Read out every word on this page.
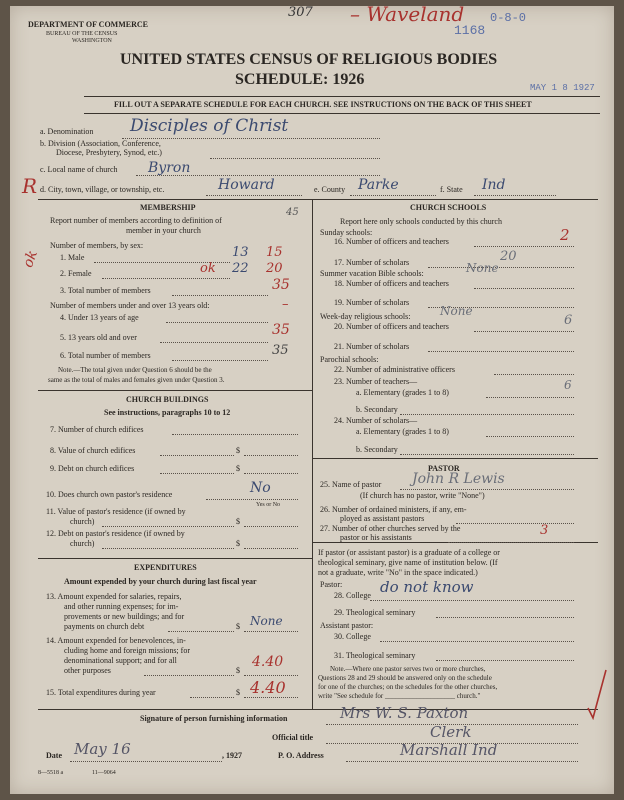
DEPARTMENT OF COMMERCE
BUREAU OF THE CENSUS
WASHINGTON
307 – Waveland 0-8-0
1168
UNITED STATES CENSUS OF RELIGIOUS BODIES
SCHEDULE: 1926	MAY 1 8 1927
FILL OUT A SEPARATE SCHEDULE FOR EACH CHURCH. SEE INSTRUCTIONS ON THE BACK OF THIS SHEET
a. Denomination Disciples of Christ
b. Division (Association, Conference,
Diocese, Presbytery, Synod, etc.)
c. Local name of church Byron
R d. City, town, village, or township, etc.	Howard	e. County Parke	f. State Ind
45
MEMBERSHIP
Report number of members according to definition of
member in your church
Number of members, by sex:
1. Male	13 15
ok
2. Female	ok 22 20
3. Total number of members	35
Number of members under and over 13 years old:	–
4. Under 13 years of age
5. 13 years old and over	35
6. Total number of members	35
Note.—The total given under Question 6 should be the
same as the total of males and females given under Question 3.
CHURCH BUILDINGS
See instructions, paragraphs 10 to 12
7. Number of church edifices
8. Value of church edifices	$
9. Debt on church edifices	$
10. Does church own pastor's residence	No
Yes or No
11. Value of pastor's residence (if owned by
church)	$
12. Debt on pastor's residence (if owned by
church)	$
EXPENDITURES
Amount expended by your church during last fiscal year
13. Amount expended for salaries, repairs,
and other running expenses; for im-
provements or new buildings; and for
payments on church debt	$ None
14. Amount expended for benevolences, in-
cluding home and foreign missions; for
denominational support; and for all
other purposes	$
4.40
15. Total expenditures during year	$ 4.40
CHURCH SCHOOLS
Report here only schools conducted by this church
Sunday schools:
16. Number of officers and teachers	2
17. Number of scholars	20
Summer vacation Bible schools:	None
18. Number of officers and teachers
19. Number of scholars
Week-day religious schools: None
20. Number of officers and teachers	6
21. Number of scholars
Parochial schools:
22. Number of administrative officers
23. Number of teachers—
a. Elementary (grades 1 to 8)
6
b. Secondary
24. Number of scholars—
a. Elementary (grades 1 to 8)
b. Secondary
PASTOR
25. Name of pastor John R Lewis
(If church has no pastor, write "None")
26. Number of ordained ministers, if any, em-
ployed as assistant pastors
27. Number of other churches served by the
pastor or his assistants	3
If pastor (or assistant pastor) is a graduate of a college or
theological seminary, give name of institution below. (If
not a graduate, write "No" in the space indicated.)
Pastor:
28. College do not know
29. Theological seminary
Assistant pastor:
30. College
31. Theological seminary
Note.—Where one pastor serves two or more churches,
Questions 28 and 29 should be answered only on the schedule
for one of the churches; on the schedules for the other churches,
write "See schedule for ____________________ church."
Signature of person furnishing information	Mrs W. S. Paxton
Official title	Clerk
Date May 16	, 1927	P. O. Address	Marshall Ind
8—5518 a	11—9064
